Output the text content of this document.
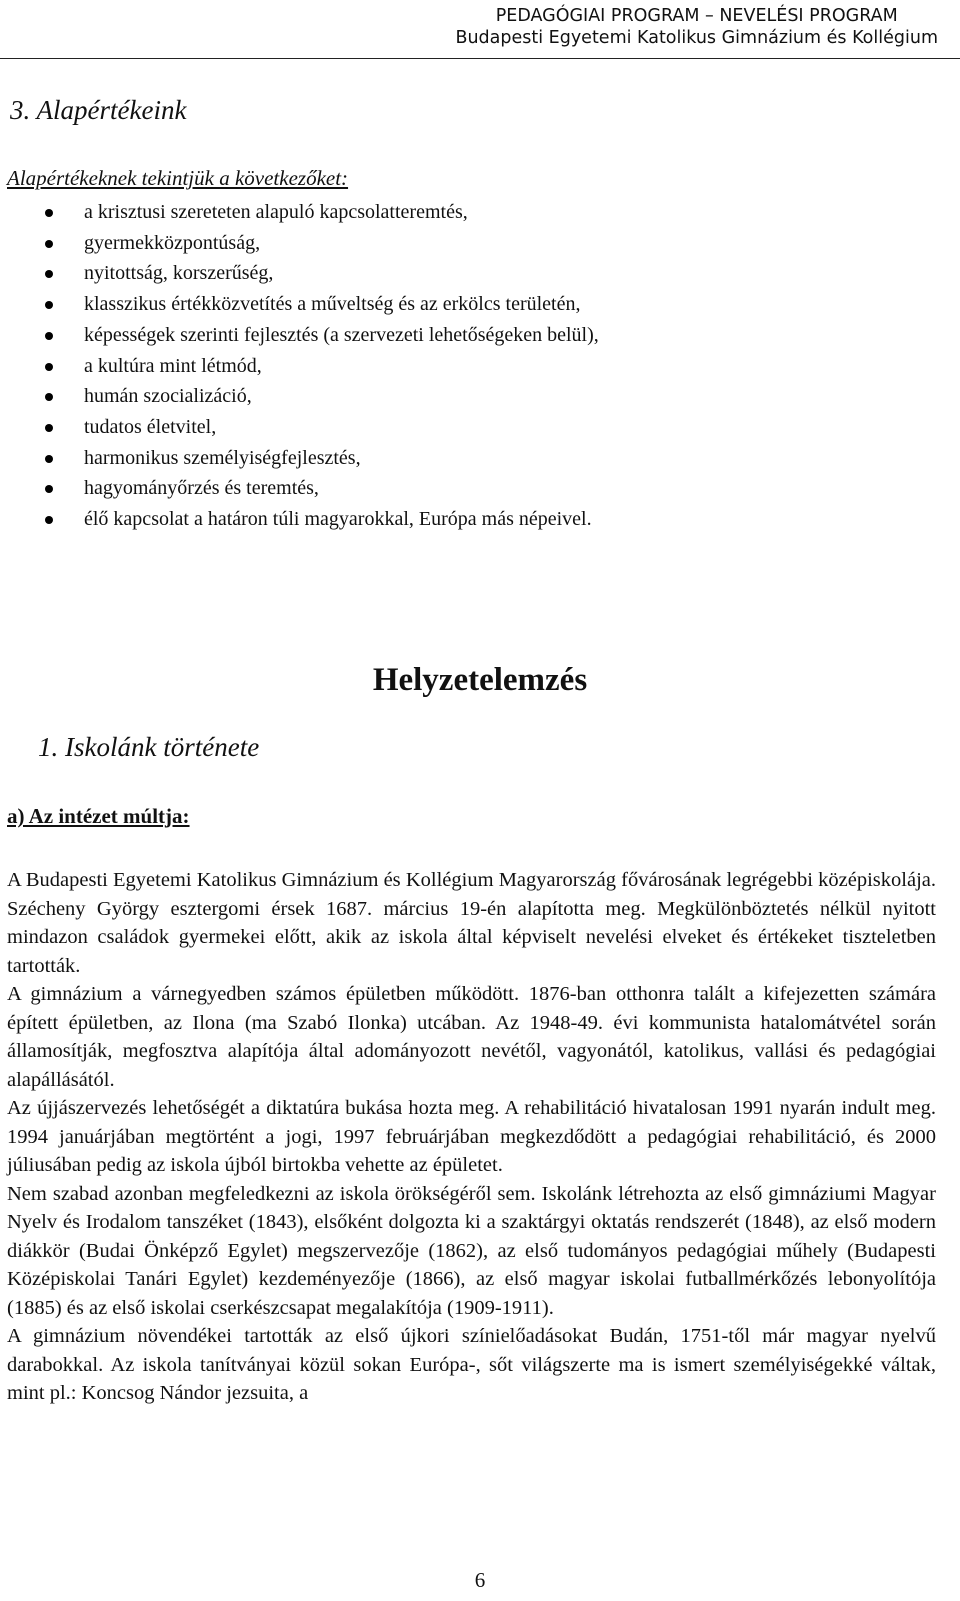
PEDAGÓGIAI PROGRAM – NEVELÉSI PROGRAM
Budapesti Egyetemi Katolikus Gimnázium és Kollégium
3. Alapértékeink
Alapértékeknek tekintjük a következőket:
a krisztusi szereteten alapuló kapcsolatteremtés,
gyermekközpontúság,
nyitottság, korszerűség,
klasszikus értékközvetítés a műveltség és az erkölcs területén,
képességek szerinti fejlesztés (a szervezeti lehetőségeken belül),
a kultúra mint létmód,
humán szocializáció,
tudatos életvitel,
harmonikus személyiségfejlesztés,
hagyományőrzés és teremtés,
élő kapcsolat a határon túli magyarokkal, Európa más népeivel.
Helyzetelemzés
1. Iskolánk története
a) Az intézet múltja:

A Budapesti Egyetemi Katolikus Gimnázium és Kollégium Magyarország fővárosának legrégebbi középiskolája. Szécheny György esztergomi érsek 1687. március 19-én alapította meg. Megkülönböztetés nélkül nyitott mindazon családok gyermekei előtt, akik az iskola által képviselt nevelési elveket és értékeket tiszteletben tartották.

A gimnázium a várnegyedben számos épületben működött. 1876-ban otthonra talált a kifejezetten számára épített épületben, az Ilona (ma Szabó Ilonka) utcában. Az 1948-49. évi kommunista hatalomátvétel során államosítják, megfosztva alapítója által adományozott nevétől, vagyonától, katolikus, vallási és pedagógiai alapállásától.

Az újjászervezés lehetőségét a diktatúra bukása hozta meg. A rehabilitáció hivatalosan 1991 nyarán indult meg. 1994 januárjában megtörtént a jogi, 1997 februárjában megkezdődött a pedagógiai rehabilitáció, és 2000 júliusában pedig az iskola újból birtokba vehette az épületet.

Nem szabad azonban megfeledkezni az iskola örökségéről sem. Iskolánk létrehozta az első gimnáziumi Magyar Nyelv és Irodalom tanszéket (1843), elsőként dolgozta ki a szaktárgyi oktatás rendszerét (1848), az első modern diákkör (Budai Önképző Egylet) megszervezője (1862), az első tudományos pedagógiai műhely (Budapesti Középiskolai Tanári Egylet) kezdeményezője (1866), az első magyar iskolai futballmérkőzés lebonyolítója (1885) és az első iskolai cserkészcsapat megalakítója (1909-1911).

A gimnázium növendékei tartották az első újkori színielőadásokat Budán, 1751-től már magyar nyelvű darabokkal. Az iskola tanítványai közül sokan Európa-, sőt világszerte ma is ismert személyiségekké váltak, mint pl.: Koncsog Nándor jezsuita, a

6
